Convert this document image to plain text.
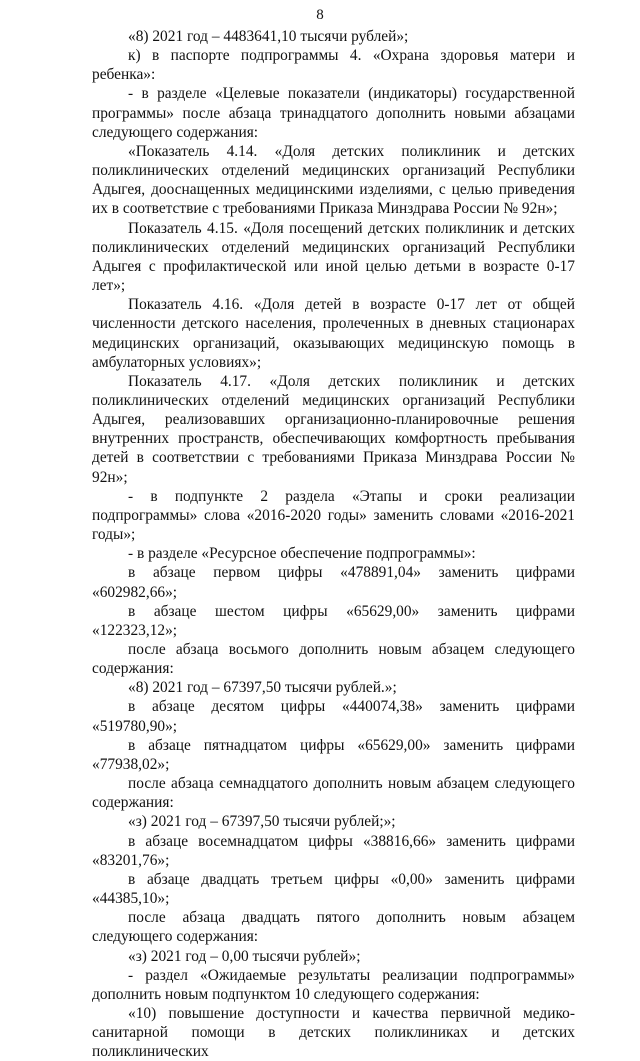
8

«8) 2021 год – 4483641,10 тысячи рублей»;

к) в паспорте подпрограммы 4. «Охрана здоровья матери и ребенка»:

- в разделе «Целевые показатели (индикаторы) государственной программы» после абзаца тринадцатого дополнить новыми абзацами следующего содержания:

«Показатель 4.14. «Доля детских поликлиник и детских поликлинических отделений медицинских организаций Республики Адыгея, дооснащенных медицинскими изделиями, с целью приведения их в соответствие с требованиями Приказа Минздрава России № 92н»;

Показатель 4.15. «Доля посещений детских поликлиник и детских поликлинических отделений медицинских организаций Республики Адыгея с профилактической или иной целью детьми в возрасте 0-17 лет»;

Показатель 4.16. «Доля детей в возрасте 0-17 лет от общей численности детского населения, пролеченных в дневных стационарах медицинских организаций, оказывающих медицинскую помощь в амбулаторных условиях»;

Показатель 4.17. «Доля детских поликлиник и детских поликлинических отделений медицинских организаций Республики Адыгея, реализовавших организационно-планировочные решения внутренних пространств, обеспечивающих комфортность пребывания детей в соответствии с требованиями Приказа Минздрава России № 92н»;

- в подпункте 2 раздела «Этапы и сроки реализации подпрограммы» слова «2016-2020 годы» заменить словами «2016-2021 годы»;

- в разделе «Ресурсное обеспечение подпрограммы»:

в абзаце первом цифры «478891,04» заменить цифрами «602982,66»;

в абзаце шестом цифры «65629,00» заменить цифрами «122323,12»;

после абзаца восьмого дополнить новым абзацем следующего содержания:

«8) 2021 год – 67397,50 тысячи рублей.»;

в абзаце десятом цифры «440074,38» заменить цифрами «519780,90»;

в абзаце пятнадцатом цифры «65629,00» заменить цифрами «77938,02»;

после абзаца семнадцатого дополнить новым абзацем следующего содержания:

«з) 2021 год – 67397,50 тысячи рублей;»;

в абзаце восемнадцатом цифры «38816,66» заменить цифрами «83201,76»;

в абзаце двадцать третьем цифры «0,00» заменить цифрами «44385,10»;

после абзаца двадцать пятого дополнить новым абзацем следующего содержания:

«з) 2021 год – 0,00 тысячи рублей»;

- раздел «Ожидаемые результаты реализации подпрограммы» дополнить новым подпунктом 10 следующего содержания:

«10) повышение доступности и качества первичной медико-санитарной помощи в детских поликлиниках и детских поликлинических
